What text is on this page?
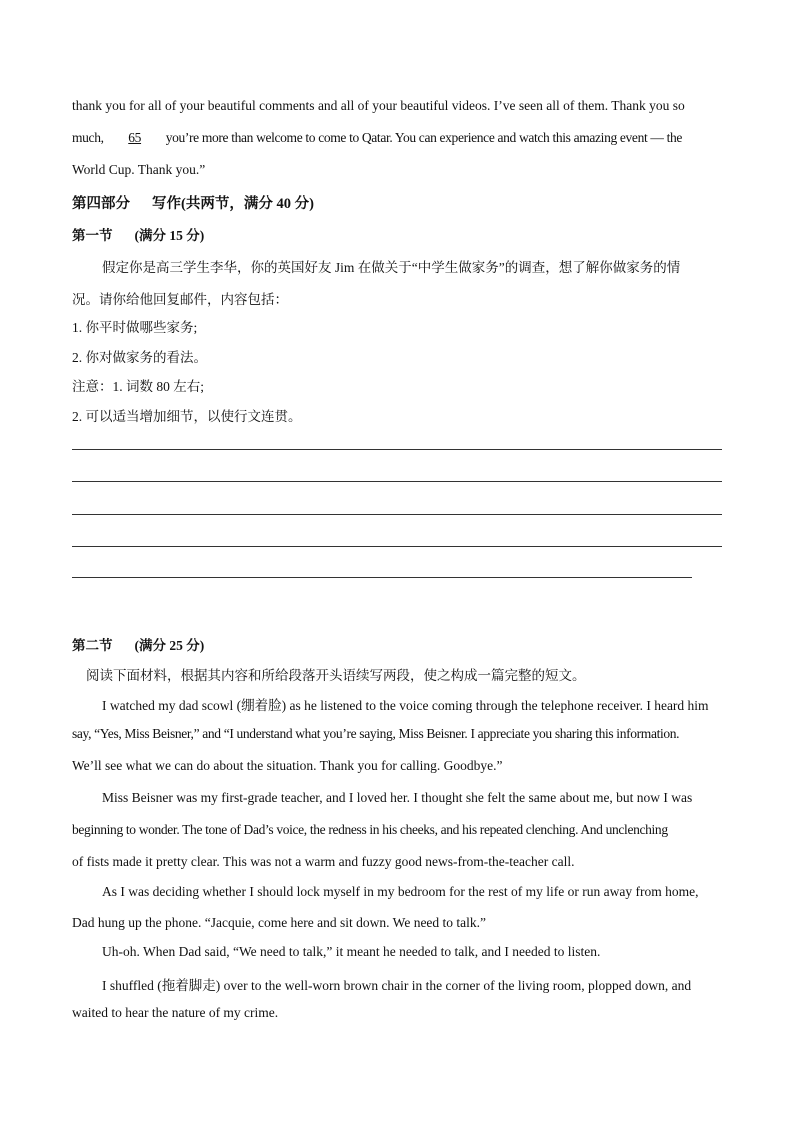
thank you for all of your beautiful comments and all of your beautiful videos. I’ve seen all of them. Thank you so
much, 65 you’re more than welcome to come to Qatar. You can experience and watch this amazing event — the
World Cup. Thank you.”
第四部分 写作(共两节，满分 40 分)
第一节 (满分 15 分)
假定你是高三学生李华，你的英国好友 Jim 在做关于“中学生做家务”的调查，想了解你做家务的情
况。请你给他回复邮件，内容包括：
1. 你平时做哪些家务;
2. 你对做家务的看法。
注意：1. 词数 80 左右;
2. 可以适当增加细节，以使行文连贯。
第二节 (满分 25 分)
阅读下面材料，根据其内容和所给段落开头语续写两段，使之构成一篇完整的短文。
I watched my dad scowl (绷着脸) as he listened to the voice coming through the telephone receiver. I heard him
say, “Yes, Miss Beisner,” and “I understand what you’re saying, Miss Beisner. I appreciate you sharing this information.
We’ll see what we can do about the situation. Thank you for calling. Goodbye.”
Miss Beisner was my first-grade teacher, and I loved her. I thought she felt the same about me, but now I was
beginning to wonder. The tone of Dad’s voice, the redness in his cheeks, and his repeated clenching. And unclenching
of fists made it pretty clear. This was not a warm and fuzzy good news-from-the-teacher call.
As I was deciding whether I should lock myself in my bedroom for the rest of my life or run away from home,
Dad hung up the phone. “Jacquie, come here and sit down. We need to talk.”
Uh-oh. When Dad said, “We need to talk,” it meant he needed to talk, and I needed to listen.
I shuffled (拖着脚走) over to the well-worn brown chair in the corner of the living room, plopped down, and
waited to hear the nature of my crime.
